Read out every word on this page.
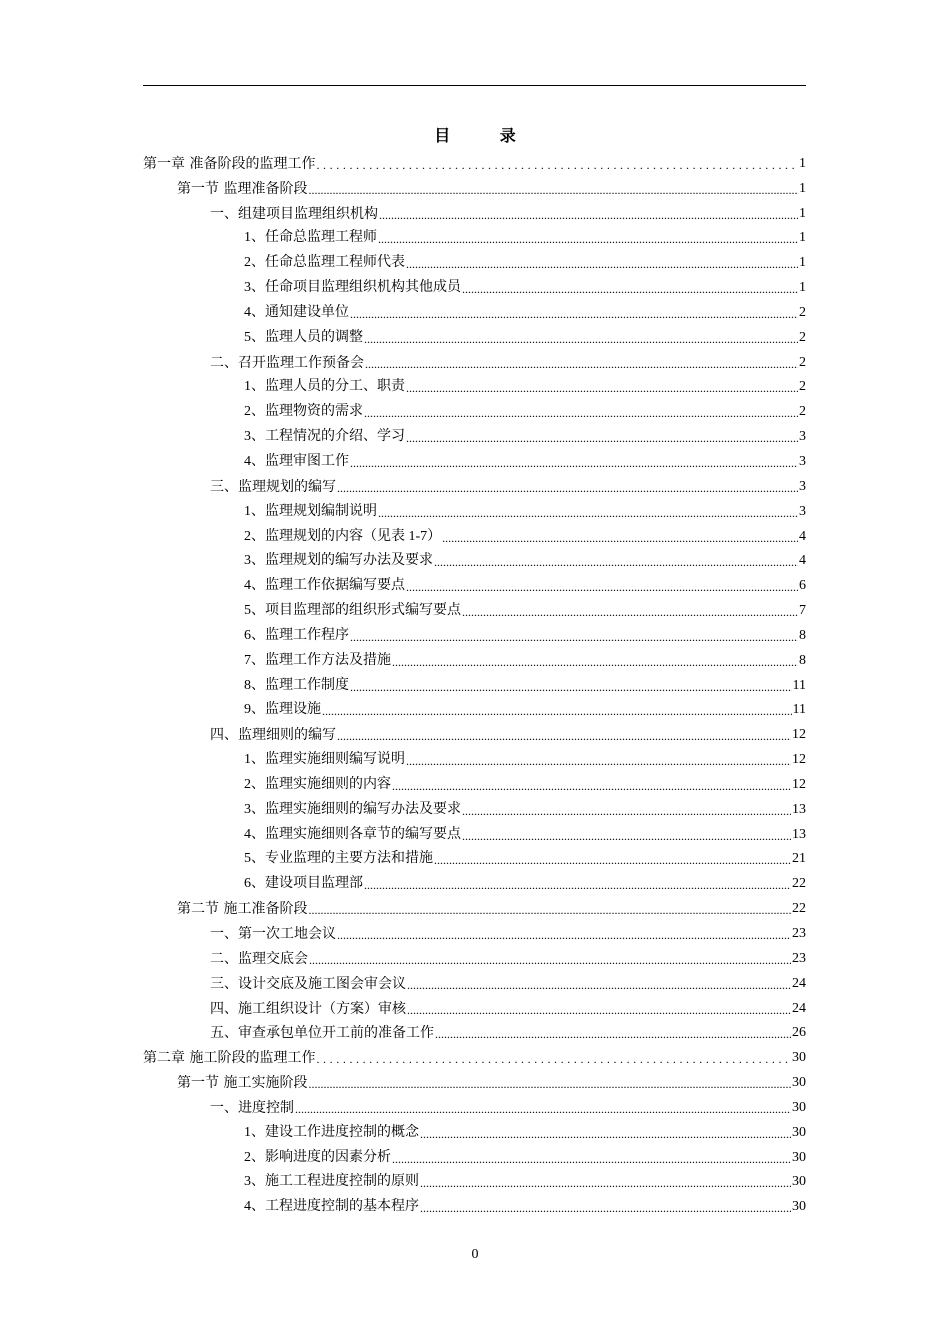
目 录
第一章 准备阶段的监理工作 .....	1
第一节 监理准备阶段 .....	1
一、组建项目监理组织机构 .....	1
1、任命总监理工程师 .....	1
2、任命总监理工程师代表 .....	1
3、任命项目监理组织机构其他成员 .....	1
4、通知建设单位 .....	2
5、监理人员的调整 .....	2
二、召开监理工作预备会 .....	2
1、监理人员的分工、职责 .....	2
2、监理物资的需求 .....	2
3、工程情况的介绍、学习 .....	3
4、监理审图工作 .....	3
三、监理规划的编写 .....	3
1、监理规划编制说明 .....	3
2、监理规划的内容（见表 1-7） .....	4
3、监理规划的编写办法及要求 .....	4
4、监理工作依据编写要点 .....	6
5、项目监理部的组织形式编写要点 .....	7
6、监理工作程序 .....	8
7、监理工作方法及措施 .....	8
8、监理工作制度 .....	11
9、监理设施 .....	11
四、监理细则的编写 .....	12
1、监理实施细则编写说明 .....	12
2、监理实施细则的内容 .....	12
3、监理实施细则的编写办法及要求 .....	13
4、监理实施细则各章节的编写要点 .....	13
5、专业监理的主要方法和措施 .....	21
6、建设项目监理部 .....	22
第二节 施工准备阶段 .....	22
一、第一次工地会议 .....	23
二、监理交底会 .....	23
三、设计交底及施工图会审会议 .....	24
四、施工组织设计（方案）审核 .....	24
五、审查承包单位开工前的准备工作 .....	26
第二章 施工阶段的监理工作 .....	30
第一节 施工实施阶段 .....	30
一、进度控制 .....	30
1、建设工作进度控制的概念 .....	30
2、影响进度的因素分析 .....	30
3、施工工程进度控制的原则 .....	30
4、工程进度控制的基本程序 .....	30
0
